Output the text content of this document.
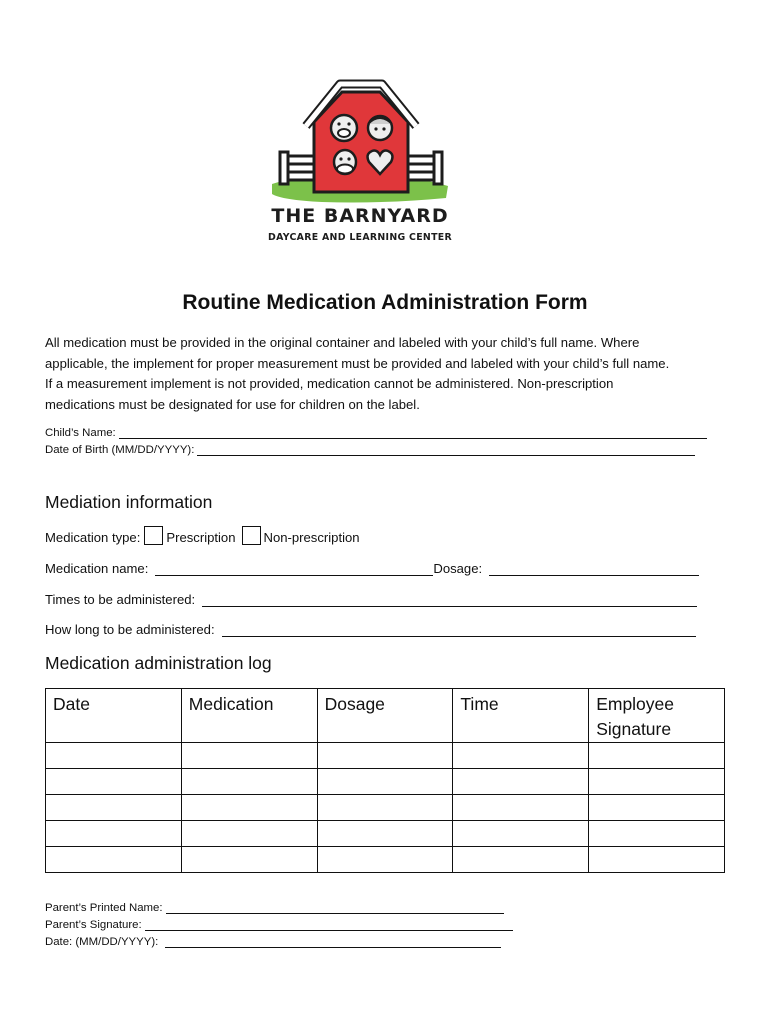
THE BARNYARD
DAYCARE AND LEARNING CENTER
Routine Medication Administration Form
All medication must be provided in the original container and labeled with your child’s full name. Where
applicable, the implement for proper measurement must be provided and labeled with your child’s full name.
If a measurement implement is not provided, medication cannot be administered. Non-prescription
medications must be designated for use for children on the label.
Child’s Name:
Date of Birth (MM/DD/YYYY):
Mediation information
Medication type: Prescription Non-prescription
Medication name:	Dosage:
Times to be administered:
How long to be administered:
Medication administration log
Date	Medication	Dosage	Time	Employee Signature

Parent’s Printed Name:
Parent’s Signature:
Date: (MM/DD/YYYY):
